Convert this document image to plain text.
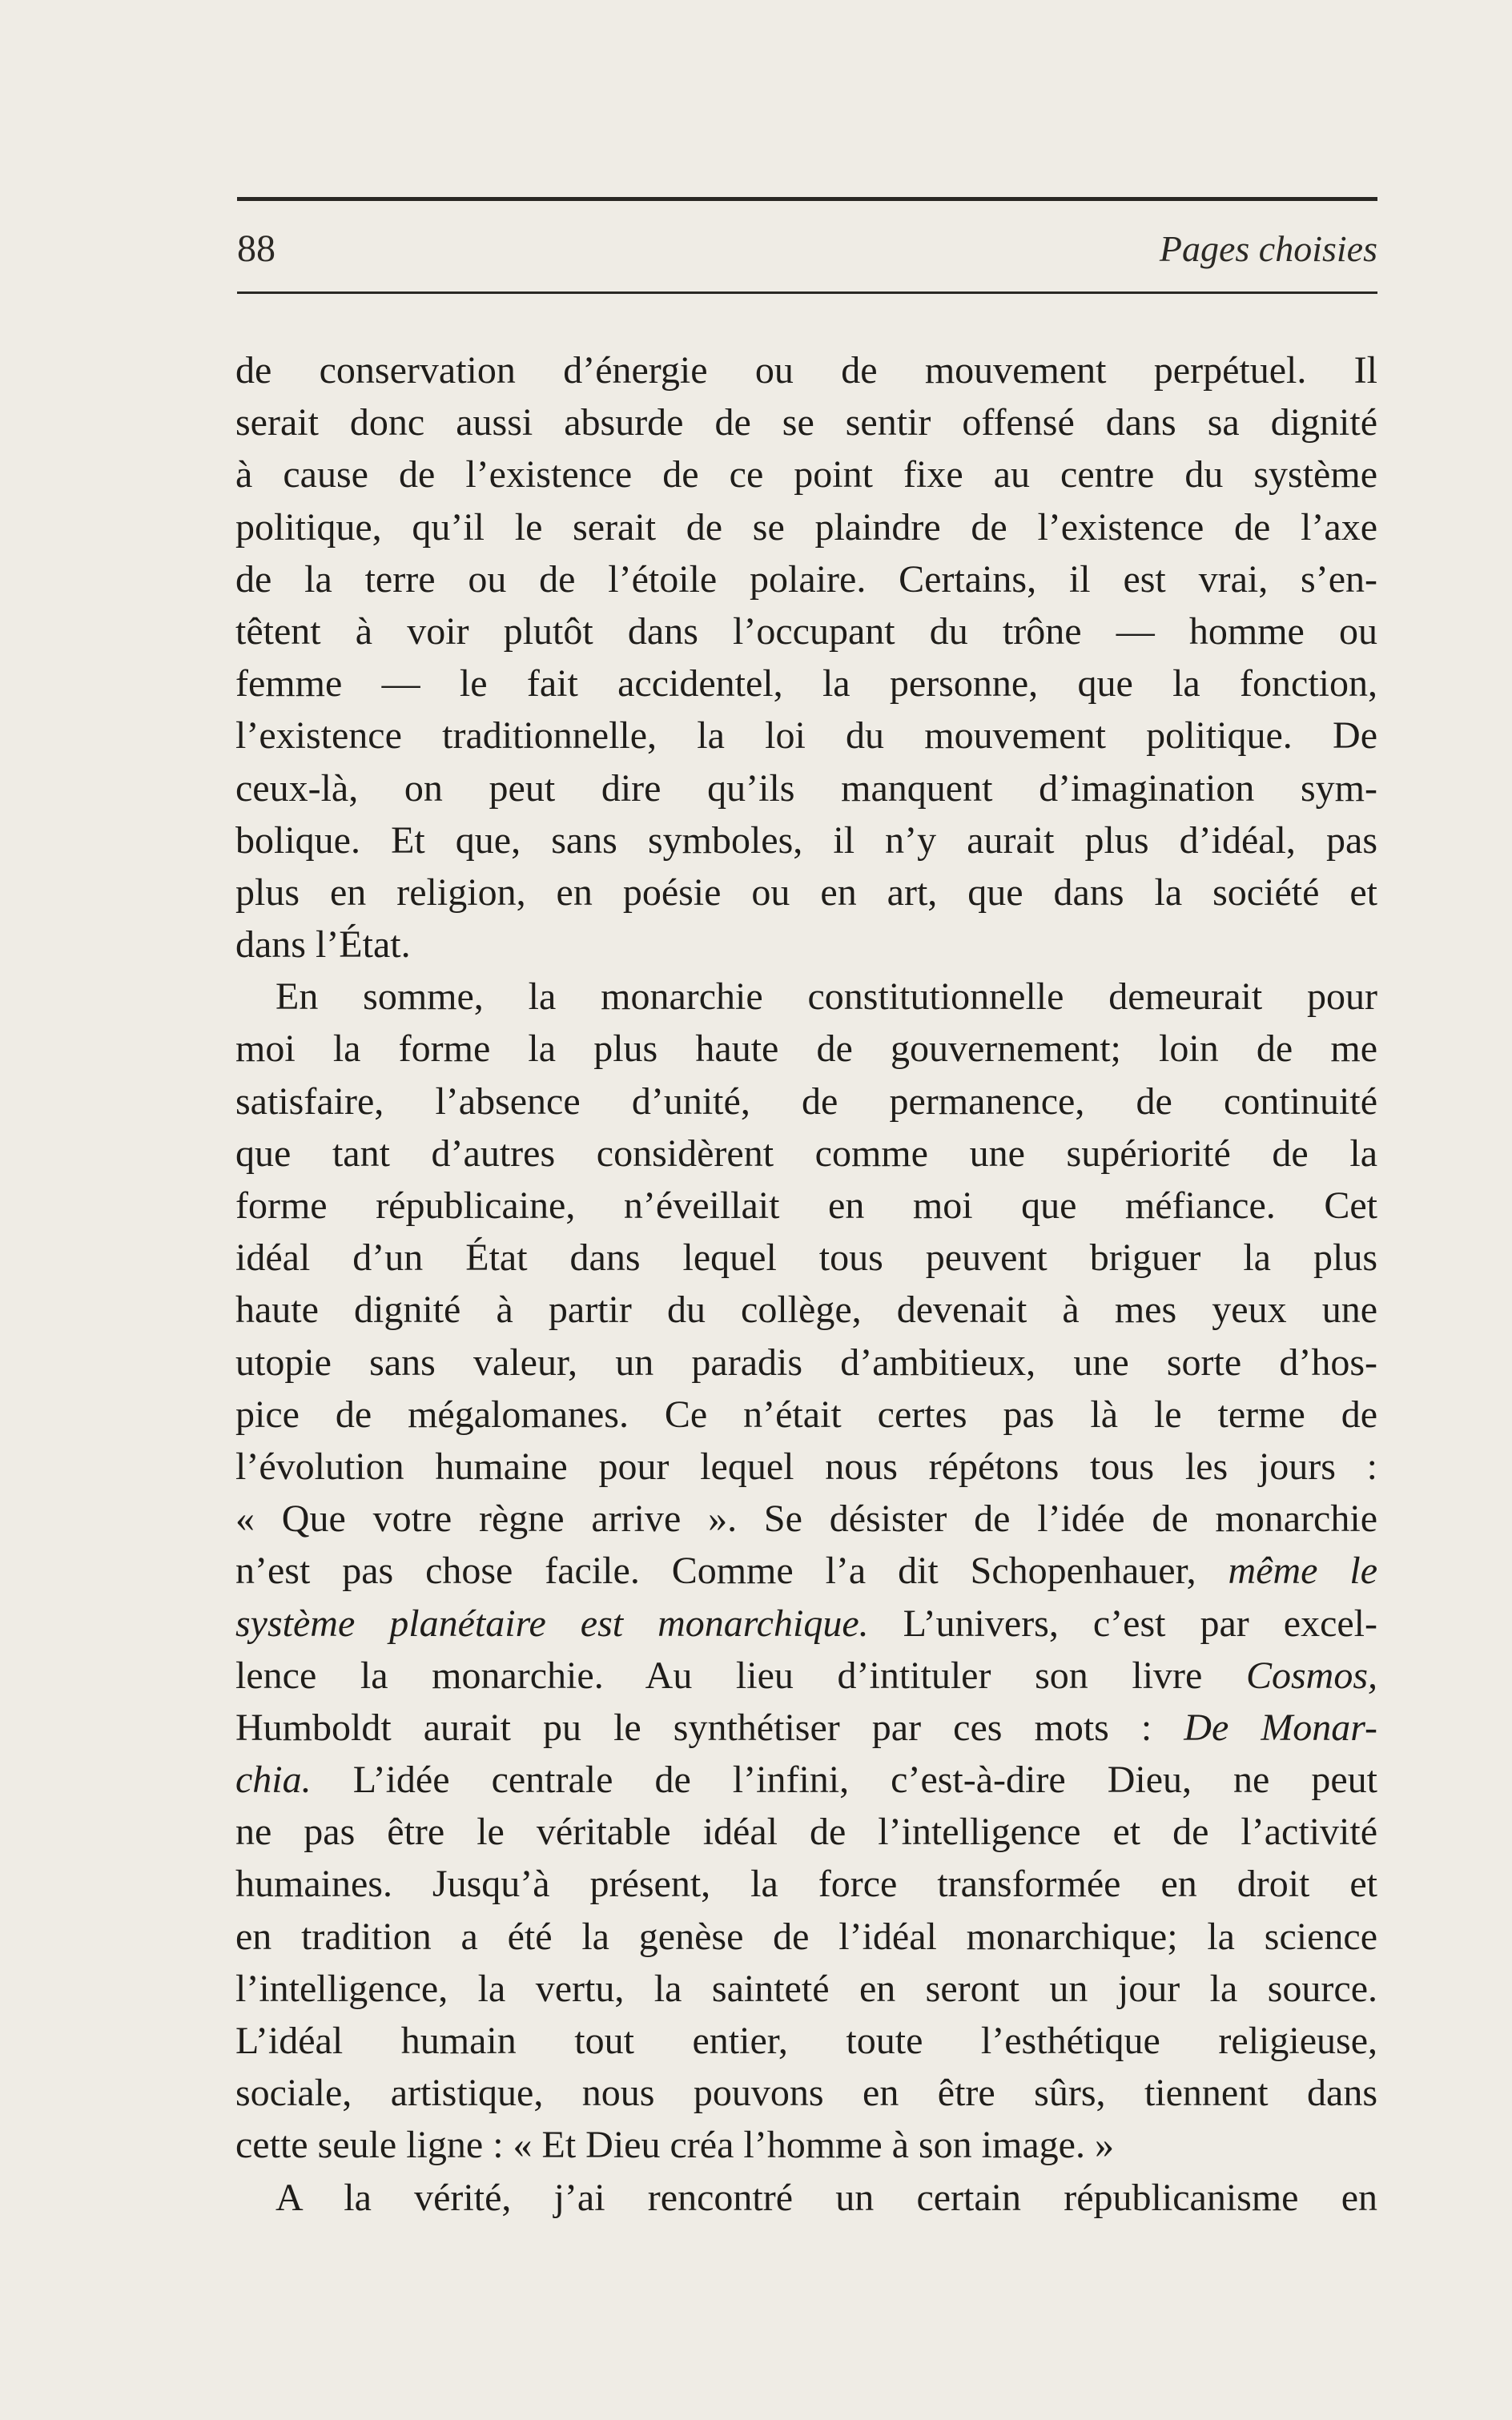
88	Pages choisies
de conservation d’énergie ou de mouvement perpétuel. Il
serait donc aussi absurde de se sentir offensé dans sa dignité
à cause de l’existence de ce point fixe au centre du système
politique, qu’il le serait de se plaindre de l’existence de l’axe
de la terre ou de l’étoile polaire. Certains, il est vrai, s’en-
têtent à voir plutôt dans l’occupant du trône — homme ou
femme — le fait accidentel, la personne, que la fonction,
l’existence traditionnelle, la loi du mouvement politique. De
ceux-là, on peut dire qu’ils manquent d’imagination sym-
bolique. Et que, sans symboles, il n’y aurait plus d’idéal, pas
plus en religion, en poésie ou en art, que dans la société et
dans l’État.
En somme, la monarchie constitutionnelle demeurait pour
moi la forme la plus haute de gouvernement; loin de me
satisfaire, l’absence d’unité, de permanence, de continuité
que tant d’autres considèrent comme une supériorité de la
forme républicaine, n’éveillait en moi que méfiance. Cet
idéal d’un État dans lequel tous peuvent briguer la plus
haute dignité à partir du collège, devenait à mes yeux une
utopie sans valeur, un paradis d’ambitieux, une sorte d’hos-
pice de mégalomanes. Ce n’était certes pas là le terme de
l’évolution humaine pour lequel nous répétons tous les jours :
« Que votre règne arrive ». Se désister de l’idée de monarchie
n’est pas chose facile. Comme l’a dit Schopenhauer, même le
système planétaire est monarchique. L’univers, c’est par excel-
lence la monarchie. Au lieu d’intituler son livre Cosmos,
Humboldt aurait pu le synthétiser par ces mots : De Monar-
chia. L’idée centrale de l’infini, c’est-à-dire Dieu, ne peut
ne pas être le véritable idéal de l’intelligence et de l’activité
humaines. Jusqu’à présent, la force transformée en droit et
en tradition a été la genèse de l’idéal monarchique; la science
l’intelligence, la vertu, la sainteté en seront un jour la source.
L’idéal humain tout entier, toute l’esthétique religieuse,
sociale, artistique, nous pouvons en être sûrs, tiennent dans
cette seule ligne : « Et Dieu créa l’homme à son image. »
A la vérité, j’ai rencontré un certain républicanisme en
